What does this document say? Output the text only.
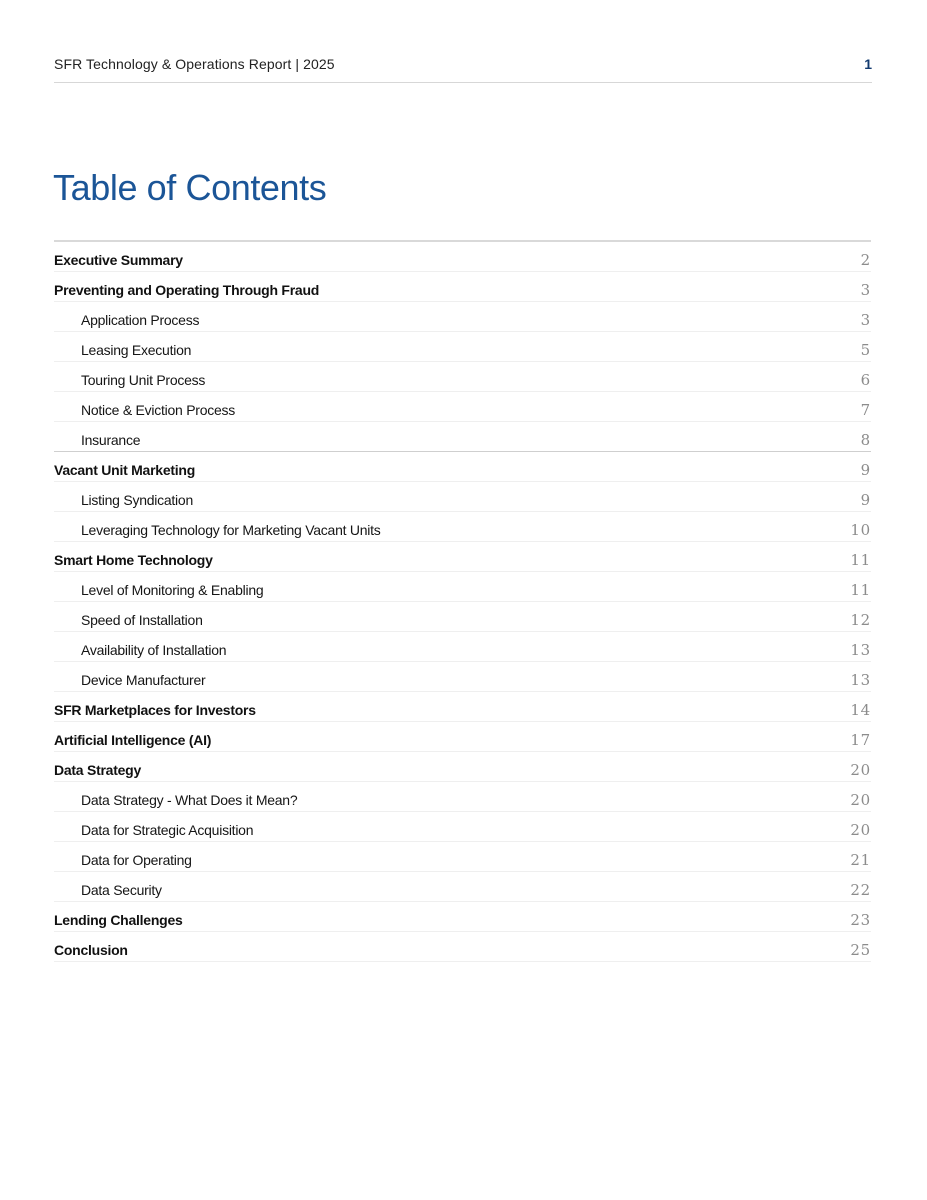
SFR Technology & Operations Report | 2025	1
Table of Contents
Executive Summary	2
Preventing and Operating Through Fraud	3
Application Process	3
Leasing Execution	5
Touring Unit Process	6
Notice & Eviction Process	7
Insurance	8
Vacant Unit Marketing	9
Listing Syndication	9
Leveraging Technology for Marketing Vacant Units	10
Smart Home Technology	11
Level of Monitoring & Enabling	11
Speed of Installation	12
Availability of Installation	13
Device Manufacturer	13
SFR Marketplaces for Investors	14
Artificial Intelligence (AI)	17
Data Strategy	20
Data Strategy - What Does it Mean?	20
Data for Strategic Acquisition	20
Data for Operating	21
Data Security	22
Lending Challenges	23
Conclusion	25
